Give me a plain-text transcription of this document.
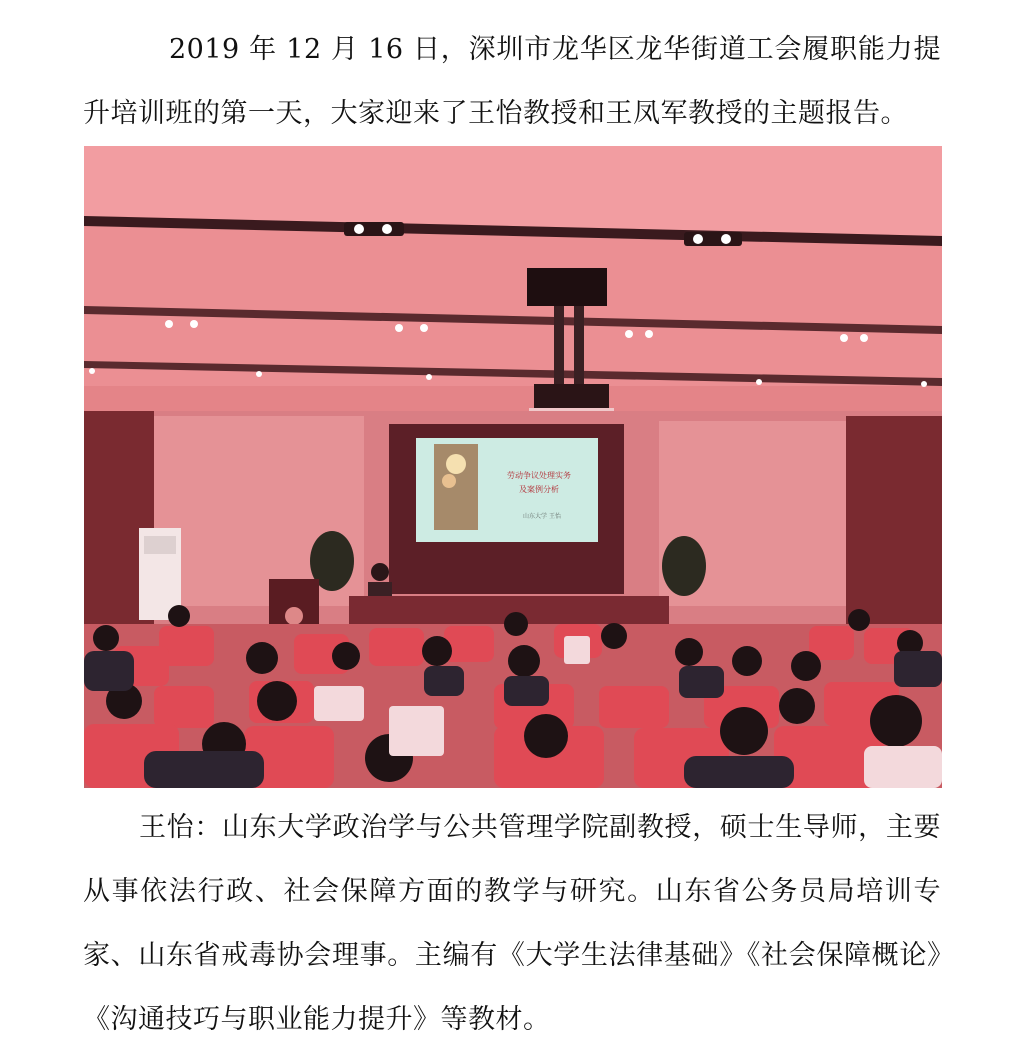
2019 年 12 月 16 日，深圳市龙华区龙华街道工会履职能力提升培训班的第一天，大家迎来了王怡教授和王凤军教授的主题报告。

劳动争议处理实务
及案例分析
山东大学 王怡

王怡：山东大学政治学与公共管理学院副教授，硕士生导师，主要从事依法行政、社会保障方面的教学与研究。山东省公务员局培训专家、山东省戒毒协会理事。主编有《大学生法律基础》《社会保障概论》《沟通技巧与职业能力提升》等教材。
